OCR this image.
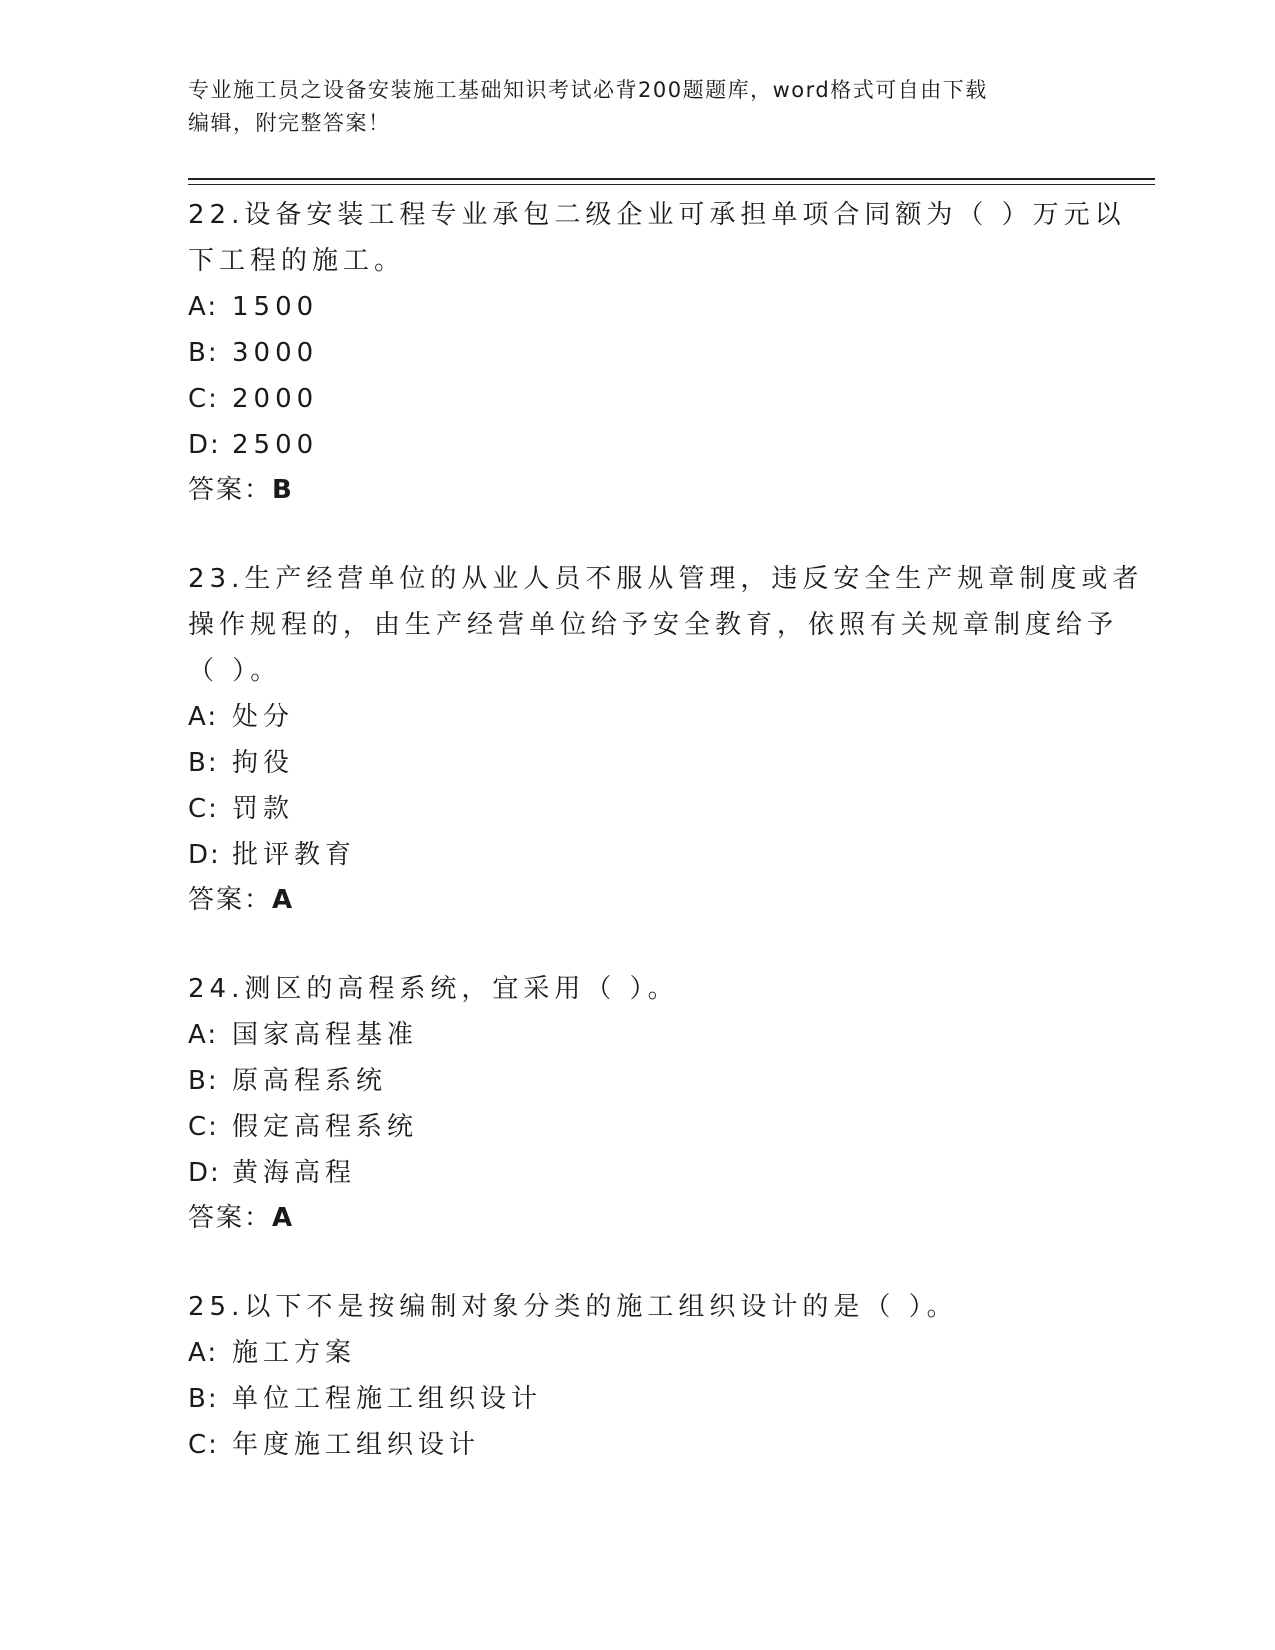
专业施工员之设备安装施工基础知识考试必背200题题库，word格式可自由下载
编辑，附完整答案！
22.设备安装工程专业承包二级企业可承担单项合同额为（ ）万元以
下工程的施工。
A: 1500
B: 3000
C: 2000
D: 2500
答案：B
23.生产经营单位的从业人员不服从管理，违反安全生产规章制度或者
操作规程的，由生产经营单位给予安全教育，依照有关规章制度给予
（ ）。
A: 处分
B: 拘役
C: 罚款
D: 批评教育
答案：A
24.测区的高程系统，宜采用（ ）。
A: 国家高程基准
B: 原高程系统
C: 假定高程系统
D: 黄海高程
答案：A
25.以下不是按编制对象分类的施工组织设计的是（ ）。
A: 施工方案
B: 单位工程施工组织设计
C: 年度施工组织设计
